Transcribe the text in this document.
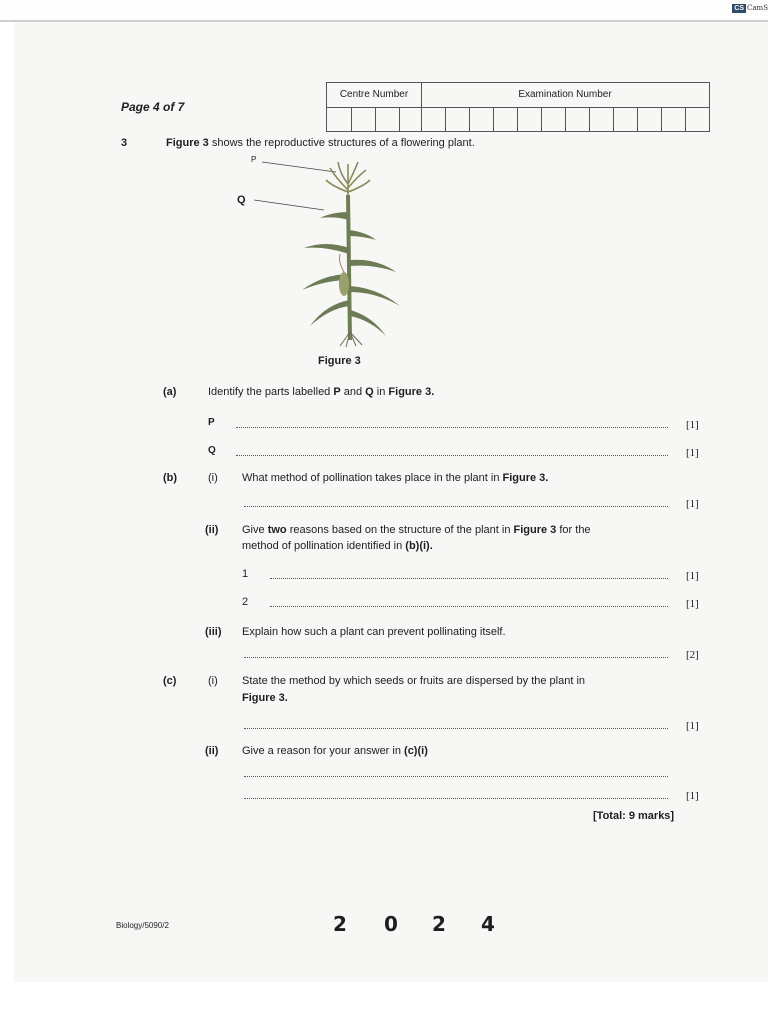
CS CamS
Page 4 of 7
Centre Number	Examination Number
3	Figure 3 shows the reproductive structures of a flowering plant.
P
Q
Figure 3
(a)	Identify the parts labelled P and Q in Figure 3.
P	[1]
Q	[1]
(b)	(i) What method of pollination takes place in the plant in Figure 3.
[1]
(ii) Give two reasons based on the structure of the plant in Figure 3 for the
method of pollination identified in (b)(i).
1	[1]
2	[1]
(iii) Explain how such a plant can prevent pollinating itself.
[2]
(c)	(i) State the method by which seeds or fruits are dispersed by the plant in
Figure 3.
[1]
(ii) Give a reason for your answer in (c)(i)
[1]
[Total: 9 marks]
Biology/5090/2	2 0 2 4
